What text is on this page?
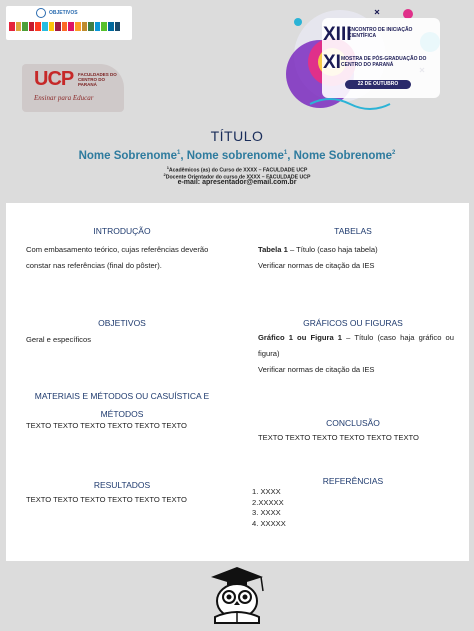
OBJETIVOS
UCP FACULDADES DO CENTRO DO PARANÁ
Ensinar para Educar
XIII
ENCONTRO DE INICIAÇÃO CIENTÍFICA
XI MOSTRA DE PÓS-GRADUAÇÃO DO CENTRO DO PARANÁ
22 DE OUTUBRO
TÍTULO
Nome Sobrenome$^1$, Nome sobrenome$^1$, Nome Sobrenome$^2$
$^1$Acadêmicos (as) do Curso de XXXX – FACULDADE UCP
$^2$Docente Orientador do curso de XXXX – FACULDADE UCP
e-mail: apresentador@email.com.br
INTRODUÇÃO
Com embasamento teórico, cujas referências deverão constar nas referências (final do pôster).
TABELAS
Tabela 1 – Título (caso haja tabela)
Verificar normas de citação da IES
OBJETIVOS
Geral e específicos
GRÁFICOS OU FIGURAS
Gráfico 1 ou Figura 1 – Título (caso haja gráfico ou figura)
Verificar normas de citação da IES
MATERIAIS E MÉTODOS OU CASUÍSTICA E MÉTODOS
TEXTO TEXTO TEXTO TEXTO TEXTO TEXTO	CONCLUSÃO
TEXTO TEXTO TEXTO TEXTO TEXTO TEXTO
RESULTADOS
TEXTO TEXTO TEXTO TEXTO TEXTO TEXTO
REFERÊNCIAS
1. XXXX
2.XXXXX
3. XXXX
4. XXXXX
